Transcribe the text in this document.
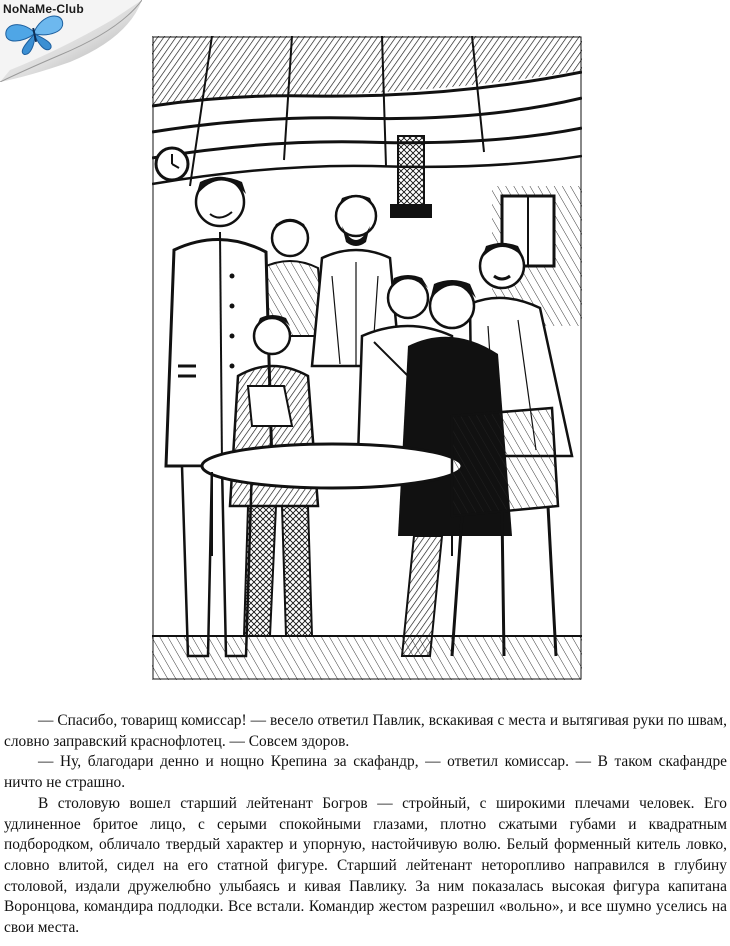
NoNaMe-Club

— Спасибо, товарищ комиссар! — весело ответил Павлик, вскакивая с места и вытягивая руки по швам, словно заправский краснофлотец. — Совсем здоров.

— Ну, благодари денно и нощно Крепина за скафандр, — ответил комиссар. — В таком скафандре ничто не страшно.

В столовую вошел старший лейтенант Богров — стройный, с широкими плечами человек. Его удлиненное бритое лицо, с серыми спокойными глазами, плотно сжатыми губами и квадратным подбородком, обличало твердый характер и упорную, настойчивую волю. Белый форменный китель ловко, словно влитой, сидел на его статной фигуре. Старший лейтенант неторопливо направился в глубину столовой, издали дружелюбно улыбаясь и кивая Павлику. За ним показалась высокая фигура капитана Воронцова, командира подлодки. Все встали. Командир жестом разрешил «вольно», и все шумно уселись на свои места.
